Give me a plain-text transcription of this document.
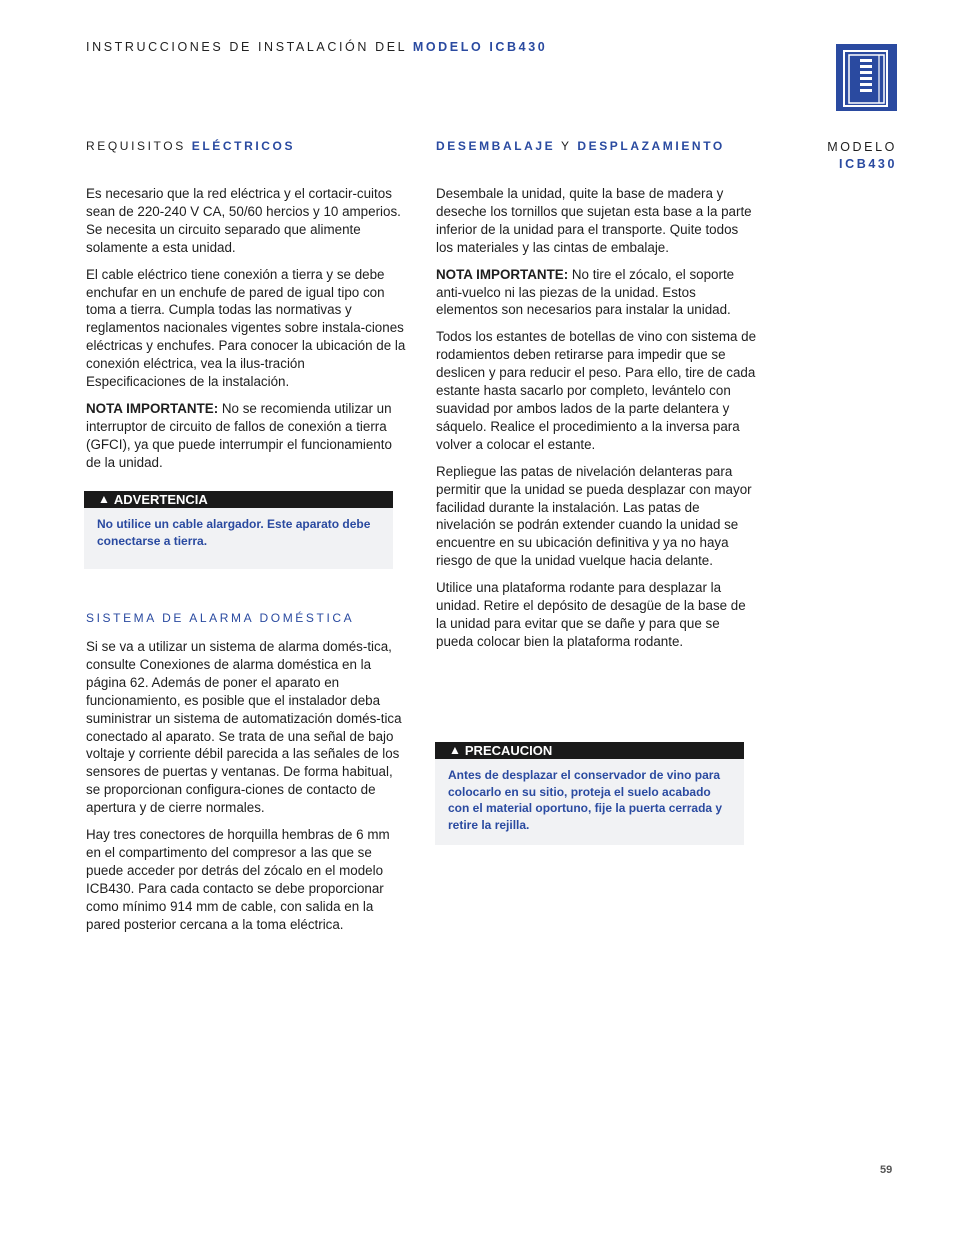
INSTRUCCIONES DE INSTALACIÓN DEL MODELO ICB430
MODELO
ICB430
REQUISITOS ELÉCTRICOS

Es necesario que la red eléctrica y el cortacir-cuitos sean de 220-240 V CA, 50/60 hercios y 10 amperios. Se necesita un circuito separado que alimente solamente a esta unidad.

El cable eléctrico tiene conexión a tierra y se debe enchufar en un enchufe de pared de igual tipo con toma a tierra. Cumpla todas las normativas y reglamentos nacionales vigentes sobre instala-ciones eléctricas y enchufes. Para conocer la ubicación de la conexión eléctrica, vea la ilus-tración Especificaciones de la instalación.

NOTA IMPORTANTE: No se recomienda utilizar un interruptor de circuito de fallos de conexión a tierra (GFCI), ya que puede interrumpir el funcionamiento de la unidad.

▲ ADVERTENCIA
No utilice un cable alargador. Este aparato debe conectarse a tierra.
SISTEMA DE ALARMA DOMÉSTICA

Si se va a utilizar un sistema de alarma domés-tica, consulte Conexiones de alarma doméstica en la página 62. Además de poner el aparato en funcionamiento, es posible que el instalador deba suministrar un sistema de automatización domés-tica conectado al aparato. Se trata de una señal de bajo voltaje y corriente débil parecida a las señales de los sensores de puertas y ventanas. De forma habitual, se proporcionan configura-ciones de contacto de apertura y de cierre normales.

Hay tres conectores de horquilla hembras de 6 mm en el compartimento del compresor a las que se puede acceder por detrás del zócalo en el modelo ICB430. Para cada contacto se debe proporcionar como mínimo 914 mm de cable, con salida en la pared posterior cercana a la toma eléctrica.

DESEMBALAJE Y DESPLAZAMIENTO

Desembale la unidad, quite la base de madera y deseche los tornillos que sujetan esta base a la parte inferior de la unidad para el transporte. Quite todos los materiales y las cintas de embalaje.

NOTA IMPORTANTE: No tire el zócalo, el soporte anti-vuelco ni las piezas de la unidad. Estos elementos son necesarios para instalar la unidad.

Todos los estantes de botellas de vino con sistema de rodamientos deben retirarse para impedir que se deslicen y para reducir el peso. Para ello, tire de cada estante hasta sacarlo por completo, levántelo con suavidad por ambos lados de la parte delantera y sáquelo. Realice el procedimiento a la inversa para volver a colocar el estante.

Repliegue las patas de nivelación delanteras para permitir que la unidad se pueda desplazar con mayor facilidad durante la instalación. Las patas de nivelación se podrán extender cuando la unidad se encuentre en su ubicación definitiva y ya no haya riesgo de que la unidad vuelque hacia delante.

Utilice una plataforma rodante para desplazar la unidad. Retire el depósito de desagüe de la base de la unidad para evitar que se dañe y para que se pueda colocar bien la plataforma rodante.

▲ PRECAUCION
Antes de desplazar el conservador de vino para colocarlo en su sitio, proteja el suelo acabado con el material oportuno, fije la puerta cerrada y retire la rejilla.
59
